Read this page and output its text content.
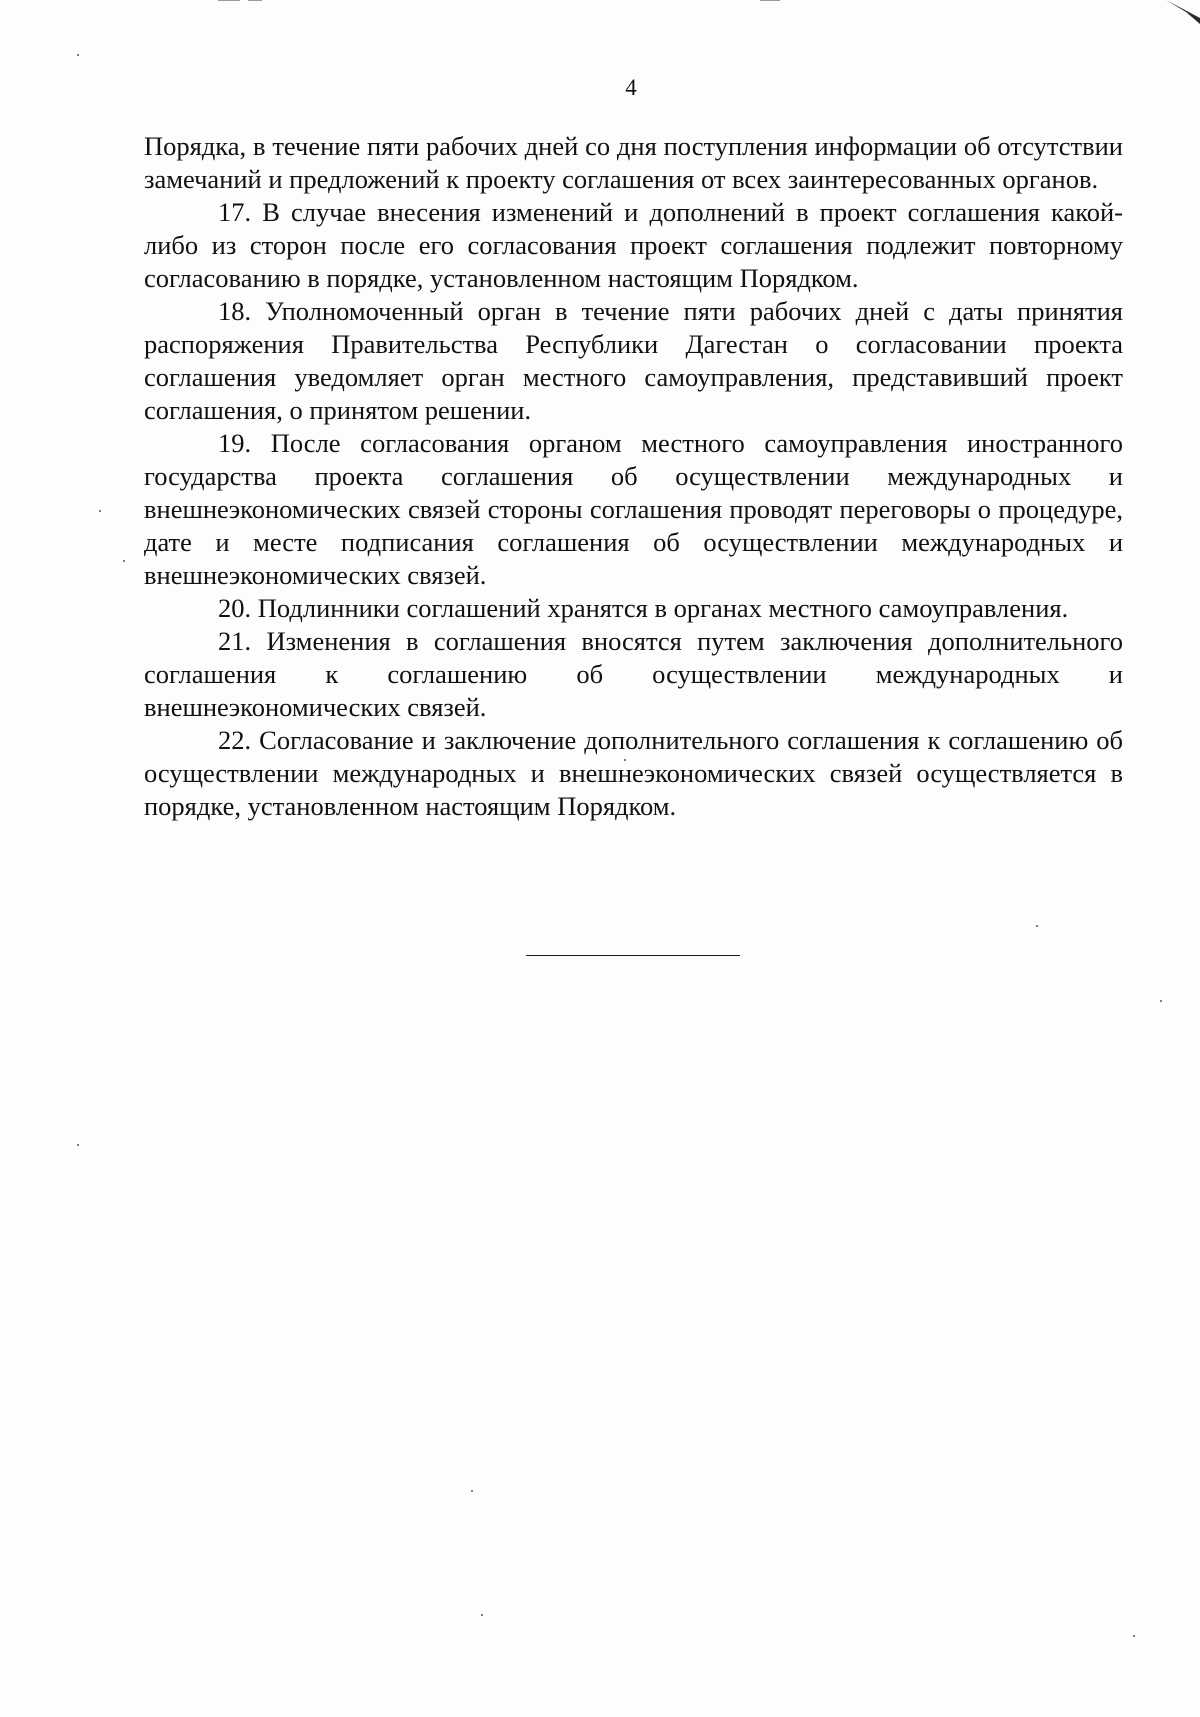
4

Порядка, в течение пяти рабочих дней со дня поступления информации об отсутствии замечаний и предложений к проекту соглашения от всех заинтересованных органов.

17. В случае внесения изменений и дополнений в проект соглашения какой-либо из сторон после его согласования проект соглашения подлежит повторному согласованию в порядке, установленном настоящим Порядком.

18. Уполномоченный орган в течение пяти рабочих дней с даты принятия распоряжения Правительства Республики Дагестан о согласовании проекта соглашения уведомляет орган местного самоуправления, представивший проект соглашения, о принятом решении.

19. После согласования органом местного самоуправления иностранного государства проекта соглашения об осуществлении международных и внешнеэкономических связей стороны соглашения проводят переговоры о процедуре, дате и месте подписания соглашения об осуществлении международных и внешнеэкономических связей.

20. Подлинники соглашений хранятся в органах местного самоуправления.

21. Изменения в соглашения вносятся путем заключения дополнительного соглашения к соглашению об осуществлении международных и внешнеэкономических связей.

22. Согласование и заключение дополнительного соглашения к соглашению об осуществлении международных и внешнеэкономических связей осуществляется в порядке, установленном настоящим Порядком.
